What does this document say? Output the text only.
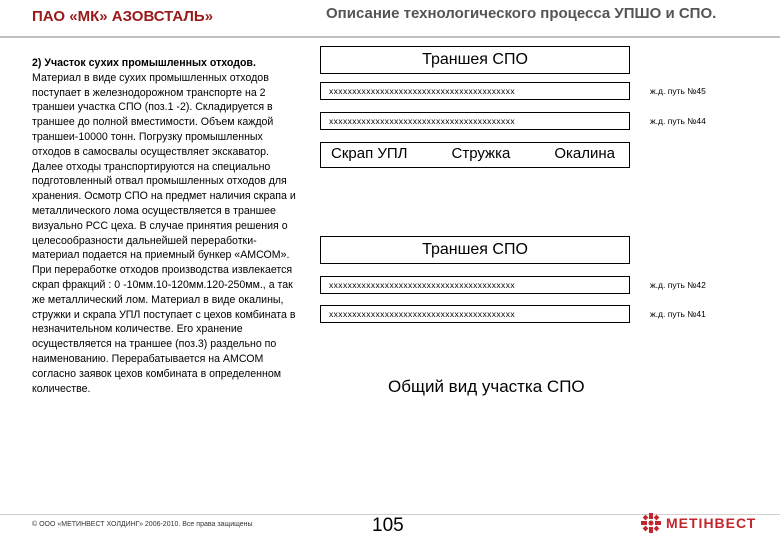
ПАО «МК» АЗОВСТАЛЬ»	Описание технологического процесса УПШО и СПО.
2) Участок сухих промышленных отходов.
Материал в виде сухих промышленных отходов поступает в железнодорожном транспорте на 2 траншеи участка СПО (поз.1 -2). Складируется в траншее до полной вместимости. Объем каждой траншеи-10000 тонн. Погрузку промышленных отходов в самосвалы осуществляет экскаватор. Далее отходы транспортируются на специально подготовленный отвал промышленных отходов для хранения. Осмотр СПО на предмет наличия скрапа и металлического лома осуществляется в траншее визуально РСС цеха. В случае принятия решения о целесообразности дальнейшей переработки-материал подается на приемный бункер «АМСОМ». При переработке отходов производства извлекается скрап фракций : 0 -10мм.10-120мм.120-250мм., а так же металлический лом. Материал в виде окалины, стружки и скрапа УПЛ поступает с цехов комбината в незначительном количестве. Его хранение осуществляется на траншее (поз.3) раздельно по наименованию. Перерабатывается на АМСОМ согласно заявок цехов комбината в определенном количестве.
Траншея СПО
xxxxxxxxxxxxxxxxxxxxxxxxxxxxxxxxxxxxxxxx	ж.д. путь №45
xxxxxxxxxxxxxxxxxxxxxxxxxxxxxxxxxxxxxxxx	ж.д. путь №44
Скрап УПЛ	Стружка	Окалина
Траншея СПО
xxxxxxxxxxxxxxxxxxxxxxxxxxxxxxxxxxxxxxxx	ж.д. путь №42
xxxxxxxxxxxxxxxxxxxxxxxxxxxxxxxxxxxxxxxx	ж.д. путь №41
Общий вид участка СПО
© ООО «МЕТИНВЕСТ ХОЛДИНГ» 2006-2010. Все права защищены	105	МЕТІНВЕСТ
